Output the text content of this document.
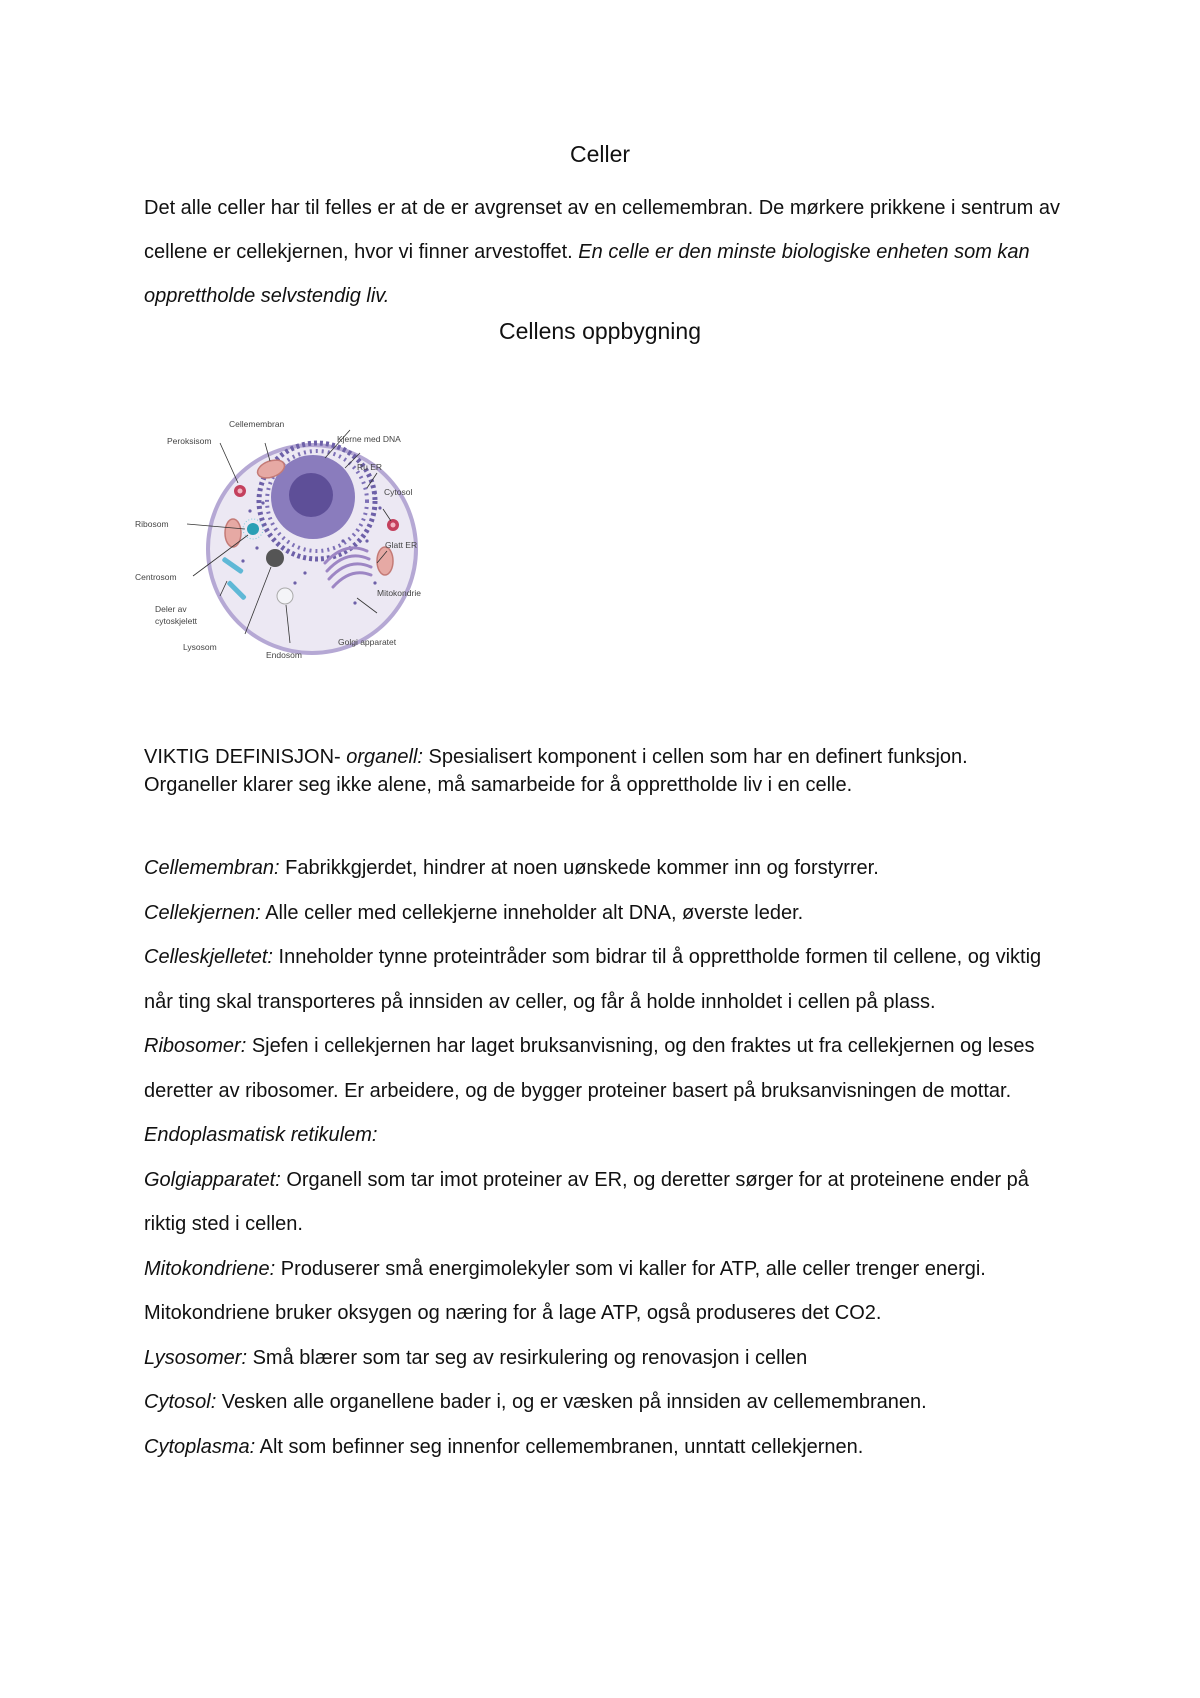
Celler
Det alle celler har til felles er at de er avgrenset av en cellemembran. De mørkere prikkene i sentrum av cellene er cellekjernen, hvor vi finner arvestoffet. En celle er den minste biologiske enheten som kan opprettholde selvstendig liv.
Cellens oppbygning
Cellemembran
Kjerne med DNA
Peroksisom
Ru ER
Cytosol
Ribosom
Glatt ER
Centrosom
Mitokondrie
Deler av
cytoskjelett
Golgi apparatet
Lysosom
Endosom
VIKTIG DEFINISJON- organell: Spesialisert komponent i cellen som har en definert funksjon. Organeller klarer seg ikke alene, må samarbeide for å opprettholde liv i en celle.
Cellemembran: Fabrikkgjerdet, hindrer at noen uønskede kommer inn og forstyrrer.
Cellekjernen: Alle celler med cellekjerne inneholder alt DNA, øverste leder.
Celleskjelletet: Inneholder tynne proteintråder som bidrar til å opprettholde formen til cellene, og viktig når ting skal transporteres på innsiden av celler, og får å holde innholdet i cellen på plass.
Ribosomer: Sjefen i cellekjernen har laget bruksanvisning, og den fraktes ut fra cellekjernen og leses deretter av ribosomer. Er arbeidere, og de bygger proteiner basert på bruksanvisningen de mottar.
Endoplasmatisk retikulem:
Golgiapparatet: Organell som tar imot proteiner av ER, og deretter sørger for at proteinene ender på riktig sted i cellen.
Mitokondriene: Produserer små energimolekyler som vi kaller for ATP, alle celler trenger energi. Mitokondriene bruker oksygen og næring for å lage ATP, også produseres det CO2.
Lysosomer: Små blærer som tar seg av resirkulering og renovasjon i cellen
Cytosol: Vesken alle organellene bader i, og er væsken på innsiden av cellemembranen.
Cytoplasma: Alt som befinner seg innenfor cellemembranen, unntatt cellekjernen.
